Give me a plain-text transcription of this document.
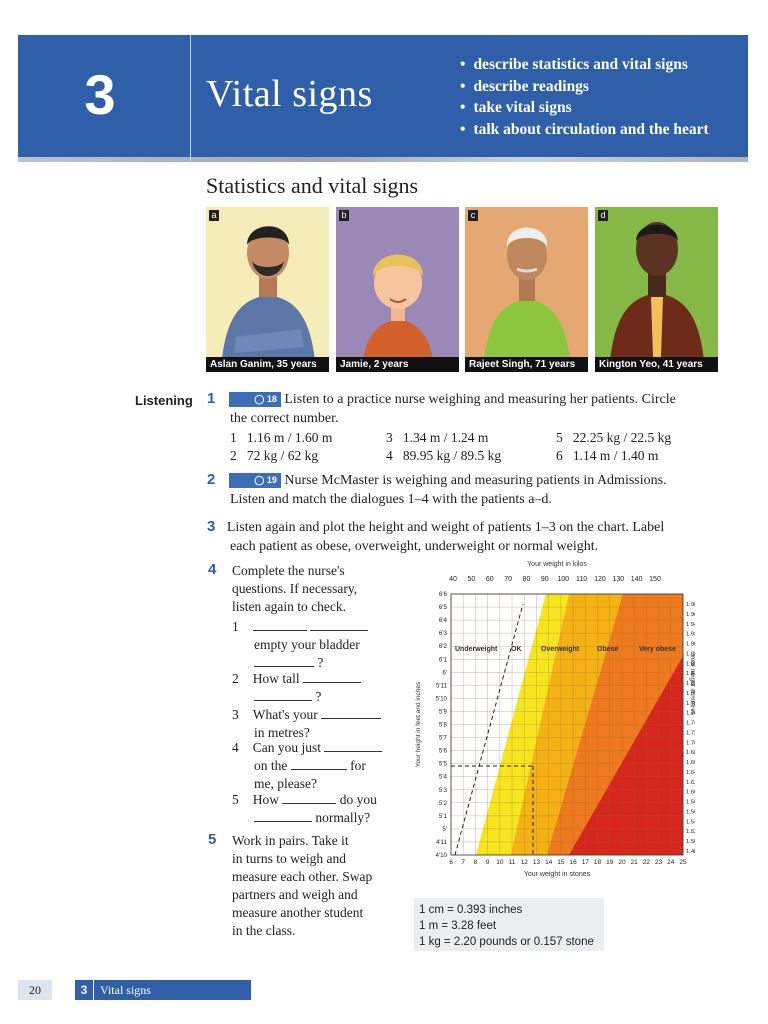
3	Vital signs
• describe statistics and vital signs
• describe readings
• take vital signs
• talk about circulation and the heart
Statistics and vital signs
a
Aslan Ganim, 35 years
b
Jamie, 2 years
c
Rajeet Singh, 71 years
d
Kington Yeo, 41 years
Listening 1	◯ 18 Listen to a practice nurse weighing and measuring her patients. Circle
the correct number.
1 1.16 m / 1.60 m
2 72 kg / 62 kg
3 1.34 m / 1.24 m
4 89.95 kg / 89.5 kg
5 22.25 kg / 22.5 kg
6 1.14 m / 1.40 m
2	◯ 19 Nurse McMaster is weighing and measuring patients in Admissions.
Listen and match the dialogues 1–4 with the patients a–d.
3 Listen again and plot the height and weight of patients 1–3 on the chart. Label
each patient as obese, overweight, underweight or normal weight.
4 Complete the nurse's
questions. If necessary,
listen again to check.
1
empty your bladder
?
2 How tall
?
3 What's your
in metres?
4 Can you just
on the	for
me, please?
5 How	do you
normally?
5 Work in pairs. Take it
in turns to weigh and
measure each other. Swap
partners and weigh and
measure another student
in the class.
Underweight OK	Overweight	Obese	Very obese
Your weight in kilos
Your weight in stones
Your height in feet and inches
Your height in metres
40 50 60 70 80 90 100 110 120 130 140 150
6 7 8 9 10 11 12 13 14 15 16 17 18 19 20 21 22 23 24 25
6'6
6'5
6'4
6'3
6'2
6'1
6'
5'11
5'10
5'9
5'8
5'7
5'6
5'5
5'4
5'3
5'2
5'1
5'
4'11
4'10
1.9
1.9
1.9
1.9
1.9
1.8
1.8
1.8
1.8
1.8
1.7
1.7
1.7
1.7
1.7
1.6
1.6
1.6
1.6
1.6
1.5
1.5
1.5
1.5
1.5
1.4
1 cm = 0.393 inches
1 m = 3.28 feet
1 kg = 2.20 pounds or 0.157 stone
20	3 Vital signs
